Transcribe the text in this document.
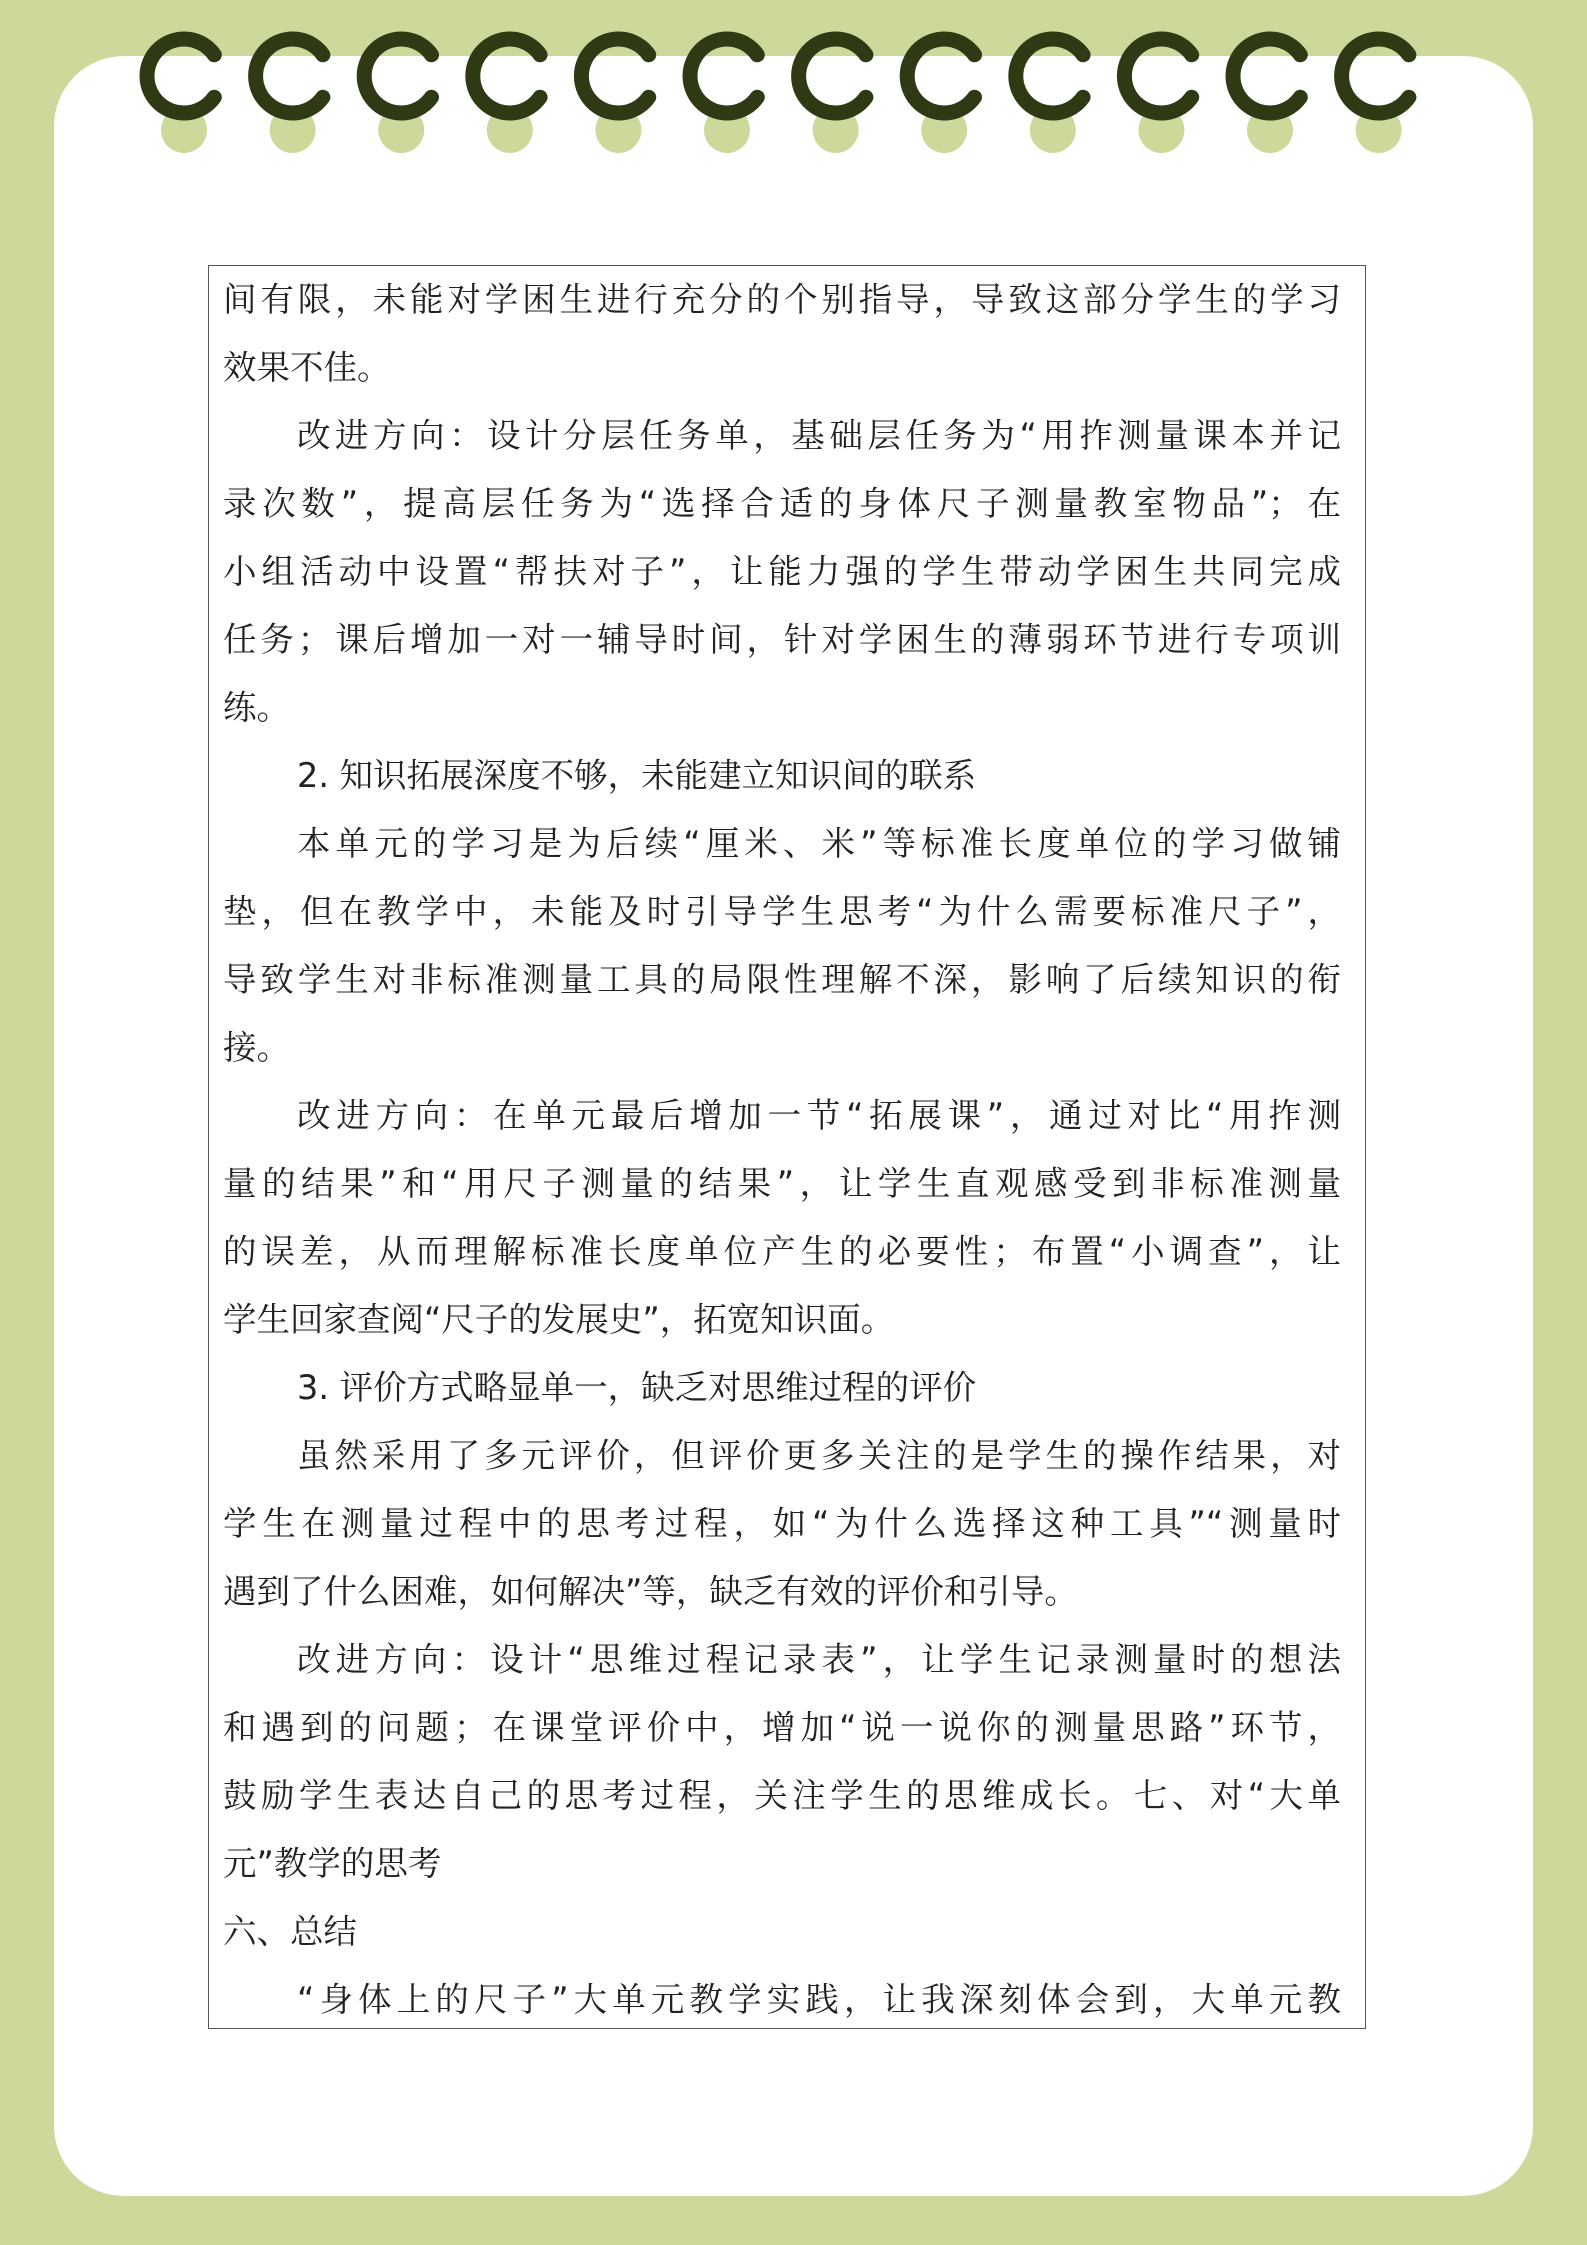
间有限，未能对学困生进行充分的个别指导，导致这部分学生的学习
效果不佳。
改进方向：设计分层任务单，基础层任务为“用拃测量课本并记
录次数”，提高层任务为“选择合适的身体尺子测量教室物品”；在
小组活动中设置“帮扶对子”，让能力强的学生带动学困生共同完成
任务；课后增加一对一辅导时间，针对学困生的薄弱环节进行专项训
练。
2. 知识拓展深度不够，未能建立知识间的联系
本单元的学习是为后续“厘米、米”等标准长度单位的学习做铺
垫，但在教学中，未能及时引导学生思考“为什么需要标准尺子”，
导致学生对非标准测量工具的局限性理解不深，影响了后续知识的衔
接。
改进方向：在单元最后增加一节“拓展课”，通过对比“用拃测
量的结果”和“用尺子测量的结果”，让学生直观感受到非标准测量
的误差，从而理解标准长度单位产生的必要性；布置“小调查”，让
学生回家查阅“尺子的发展史”，拓宽知识面。
3. 评价方式略显单一，缺乏对思维过程的评价
虽然采用了多元评价，但评价更多关注的是学生的操作结果，对
学生在测量过程中的思考过程，如“为什么选择这种工具”“测量时
遇到了什么困难，如何解决”等，缺乏有效的评价和引导。
改进方向：设计“思维过程记录表”，让学生记录测量时的想法
和遇到的问题；在课堂评价中，增加“说一说你的测量思路”环节，
鼓励学生表达自己的思考过程，关注学生的思维成长。七、对“大单
元”教学的思考
六、总结
“身体上的尺子”大单元教学实践，让我深刻体会到，大单元教
